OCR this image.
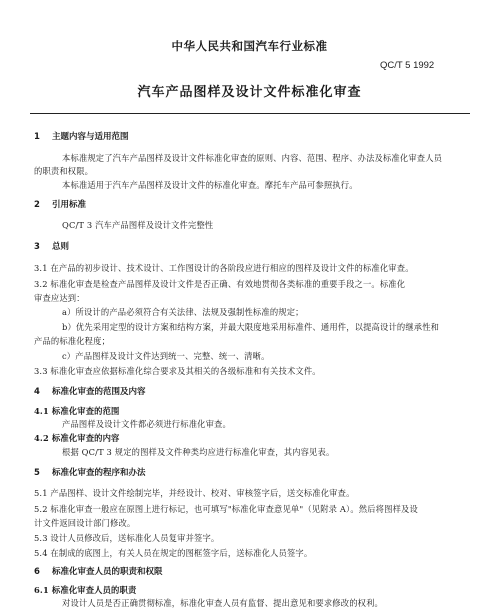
中华人民共和国汽车行业标准
QC/T 5 1992
汽车产品图样及设计文件标准化审查
1 主题内容与适用范围
本标准规定了汽车产品图样及设计文件标准化审查的原则、内容、范围、程序、办法及标准化审查人员
的职责和权限。
本标准适用于汽车产品图样及设计文件的标准化审查。摩托车产品可参照执行。
2 引用标准
QC/T 3 汽车产品图样及设计文件完整性
3 总则
3.1 在产品的初步设计、技术设计、工作图设计的各阶段应进行相应的图样及设计文件的标准化审查。
3.2 标准化审查是检查产品图样及设计文件是否正确、有效地贯彻各类标准的重要手段之一。标准化
审查应达到：
a）所设计的产品必须符合有关法律、法规及强制性标准的规定；
b）优先采用定型的设计方案和结构方案，并最大限度地采用标准件、通用件，以提高设计的继承性和
产品的标准化程度；
c）产品图样及设计文件达到统一、完整、统一、清晰。
3.3 标准化审查应依据标准化综合要求及其相关的各级标准和有关技术文件。
4 标准化审查的范围及内容
4.1 标准化审查的范围
产品图样及设计文件都必须进行标准化审查。
4.2 标准化审查的内容
根据 QC/T 3 规定的图样及文件种类均应进行标准化审查，其内容见表。
5 标准化审查的程序和办法
5.1 产品图样、设计文件绘制完毕，并经设计、校对、审核签字后，送交标准化审查。
5.2 标准化审查一般应在原图上进行标记，也可填写"标准化审查意见单"（见附录 A）。然后将图样及设
计文件返回设计部门修改。
5.3 设计人员修改后，送标准化人员复审并签字。
5.4 在制成的底图上，有关人员在规定的图框签字后，送标准化人员签字。
6 标准化审查人员的职责和权限
6.1 标准化审查人员的职责
对设计人员是否正确贯彻标准，标准化审查人员有监督、提出意见和要求修改的权利。
